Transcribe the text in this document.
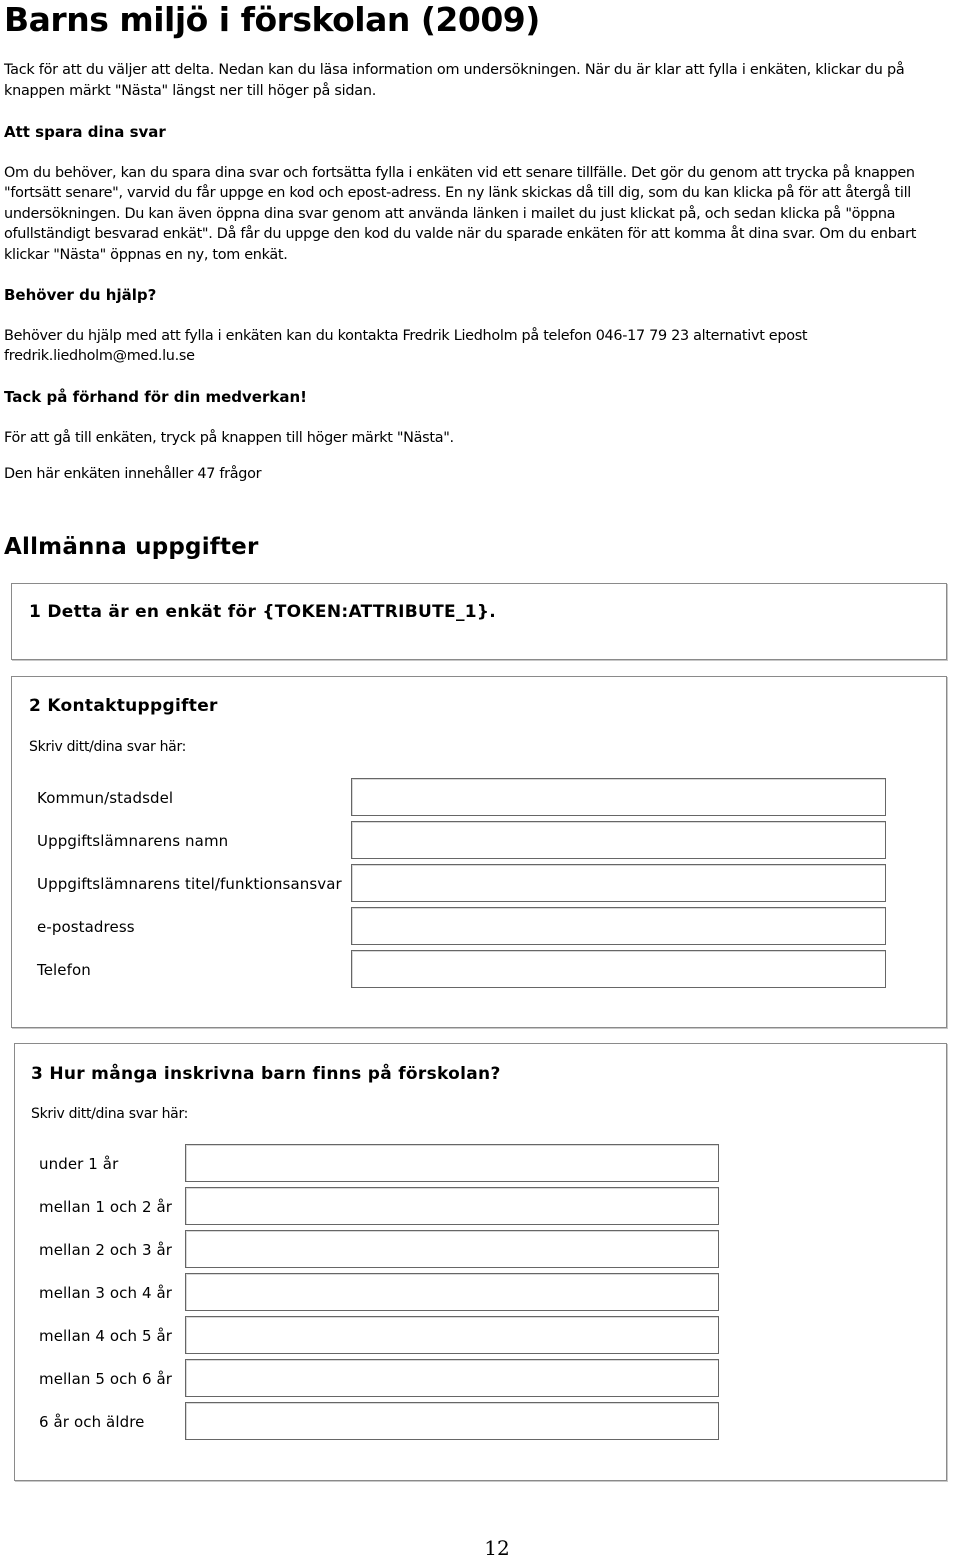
Barns miljö i förskolan (2009)

Tack för att du väljer att delta. Nedan kan du läsa information om undersökningen. När du är klar att fylla i enkäten, klickar du på knappen märkt "Nästa" längst ner till höger på sidan.

Att spara dina svar

Om du behöver, kan du spara dina svar och fortsätta fylla i enkäten vid ett senare tillfälle. Det gör du genom att trycka på knappen "fortsätt senare", varvid du får uppge en kod och epost-adress. En ny länk skickas då till dig, som du kan klicka på för att återgå till undersökningen. Du kan även öppna dina svar genom att använda länken i mailet du just klickat på, och sedan klicka på "öppna ofullständigt besvarad enkät". Då får du uppge den kod du valde när du sparade enkäten för att komma åt dina svar. Om du enbart klickar "Nästa" öppnas en ny, tom enkät.

Behöver du hjälp?

Behöver du hjälp med att fylla i enkäten kan du kontakta Fredrik Liedholm på telefon 046-17 79 23 alternativt epost fredrik.liedholm@med.lu.se

Tack på förhand för din medverkan!

För att gå till enkäten, tryck på knappen till höger märkt "Nästa".

Den här enkäten innehåller 47 frågor

Allmänna uppgifter

1 Detta är en enkät för {TOKEN:ATTRIBUTE_1}.

2 Kontaktuppgifter

Skriv ditt/dina svar här:

Kommun/stadsdel
Uppgiftslämnarens namn
Uppgiftslämnarens titel/funktionsansvar
e-postadress
Telefon

3 Hur många inskrivna barn finns på förskolan?

Skriv ditt/dina svar här:

under 1 år
mellan 1 och 2 år
mellan 2 och 3 år
mellan 3 och 4 år
mellan 4 och 5 år
mellan 5 och 6 år
6 år och äldre
12
